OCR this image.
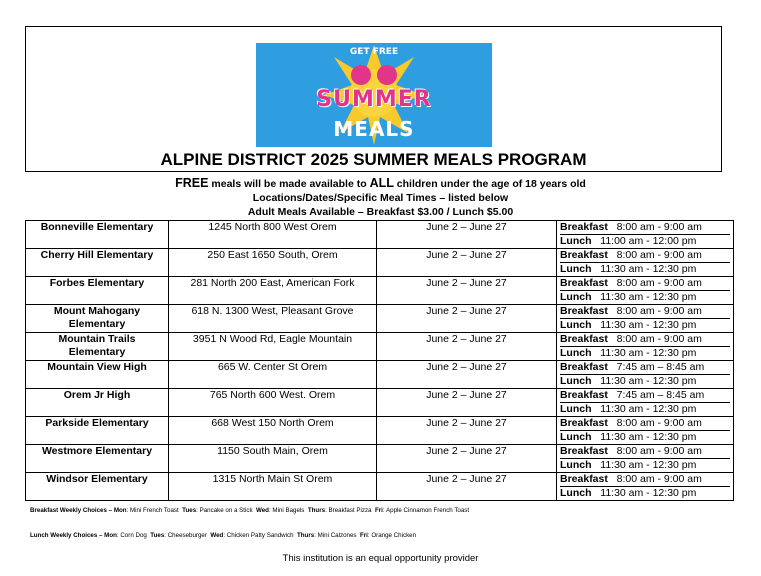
GET FREE
SUMMER
MEALS
ALPINE DISTRICT 2025 SUMMER MEALS PROGRAM
FREE meals will be made available to ALL children under the age of 18 years old
Locations/Dates/Specific Meal Times – listed below
Adult Meals Available – Breakfast $3.00 / Lunch $5.00
Bonneville Elementary	1245 North 800 West Orem	June 2 – June 27	Breakfast 8:00 am - 9:00 am
Lunch 11:00 am - 12:00 pm

Cherry Hill Elementary	250 East 1650 South, Orem	June 2 – June 27	Breakfast 8:00 am - 9:00 am
Lunch 11:30 am - 12:30 pm

Forbes Elementary	281 North 200 East, American Fork	June 2 – June 27	Breakfast 8:00 am - 9:00 am
Lunch 11:30 am - 12:30 pm

Mount Mahogany Elementary	618 N. 1300 West, Pleasant Grove	June 2 – June 27	Breakfast 8:00 am - 9:00 am
Lunch 11:30 am - 12:30 pm

Mountain Trails Elementary	3951 N Wood Rd, Eagle Mountain	June 2 – June 27	Breakfast 8:00 am - 9:00 am
Lunch 11:30 am - 12:30 pm

Mountain View High	665 W. Center St Orem	June 2 – June 27	Breakfast 7:45 am – 8:45 am
Lunch 11:30 am - 12:30 pm

Orem Jr High	765 North 600 West. Orem	June 2 – June 27	Breakfast 7:45 am – 8:45 am
Lunch 11:30 am - 12:30 pm

Parkside Elementary	668 West 150 North Orem	June 2 – June 27	Breakfast 8:00 am - 9:00 am
Lunch 11:30 am - 12:30 pm

Westmore Elementary	1150 South Main, Orem	June 2 – June 27	Breakfast 8:00 am - 9:00 am
Lunch 11:30 am - 12:30 pm

Windsor Elementary	1315 North Main St Orem	June 2 – June 27	Breakfast 8:00 am - 9:00 am
Lunch 11:30 am - 12:30 pm
Breakfast Weekly Choices – Mon: Mini French Toast Tues: Pancake on a Stick Wed: Mini Bagels Thurs: Breakfast Pizza Fri: Apple Cinnamon French Toast
Lunch Weekly Choices – Mon: Corn Dog Tues: Cheeseburger Wed: Chicken Patty Sandwich Thurs: Mini Calzones Fri: Orange Chicken
This institution is an equal opportunity provider
